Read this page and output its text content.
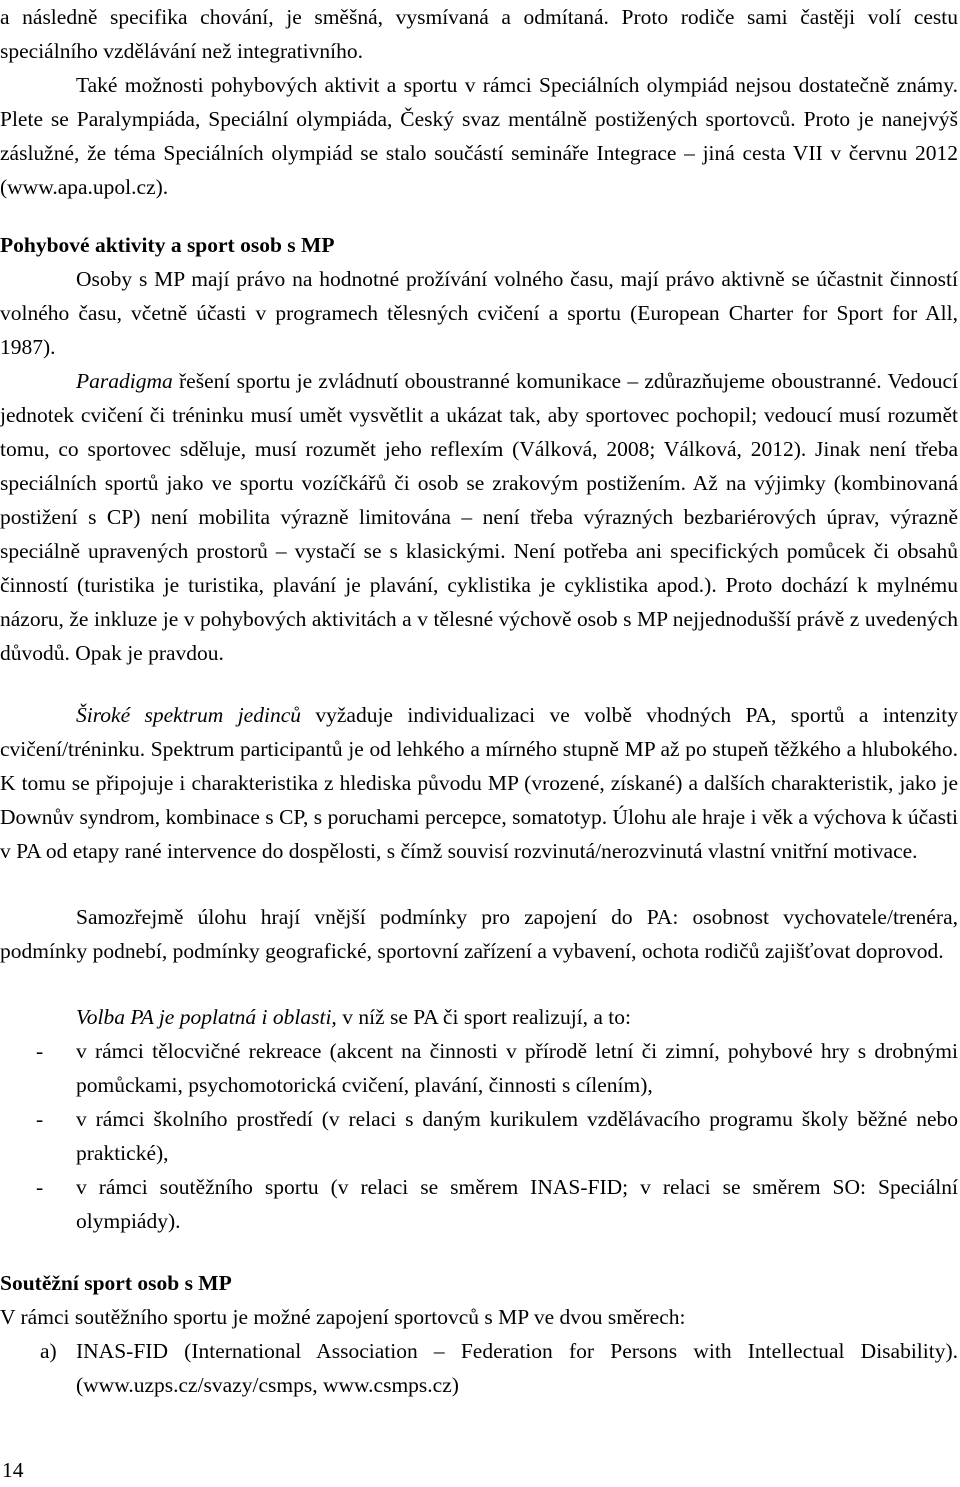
a následně specifika chování, je směšná, vysmívaná a odmítaná. Proto rodiče sami častěji volí cestu speciálního vzdělávání než integrativního.
Také možnosti pohybových aktivit a sportu v rámci Speciálních olympiád nejsou dostatečně známy. Plete se Paralympiáda, Speciální olympiáda, Český svaz mentálně postižených sportovců. Proto je nanejvýš záslužné, že téma Speciálních olympiád se stalo součástí semináře Integrace – jiná cesta VII v červnu 2012 (www.apa.upol.cz).
Pohybové aktivity a sport osob s MP
Osoby s MP mají právo na hodnotné prožívání volného času, mají právo aktivně se účastnit činností volného času, včetně účasti v programech tělesných cvičení a sportu (European Charter for Sport for All, 1987).
Paradigma řešení sportu je zvládnutí oboustranné komunikace – zdůrazňujeme oboustranné. Vedoucí jednotek cvičení či tréninku musí umět vysvětlit a ukázat tak, aby sportovec pochopil; vedoucí musí rozumět tomu, co sportovec sděluje, musí rozumět jeho reflexím (Válková, 2008; Válková, 2012). Jinak není třeba speciálních sportů jako ve sportu vozíčkářů či osob se zrakovým postižením. Až na výjimky (kombinovaná postižení s CP) není mobilita výrazně limitována – není třeba výrazných bezbariérových úprav, výrazně speciálně upravených prostorů – vystačí se s klasickými. Není potřeba ani specifických pomůcek či obsahů činností (turistika je turistika, plavání je plavání, cyklistika je cyklistika apod.). Proto dochází k mylnému názoru, že inkluze je v pohybových aktivitách a v tělesné výchově osob s MP nejjednodušší právě z uvedených důvodů. Opak je pravdou.
Široké spektrum jedinců vyžaduje individualizaci ve volbě vhodných PA, sportů a intenzity cvičení/tréninku. Spektrum participantů je od lehkého a mírného stupně MP až po stupeň těžkého a hlubokého. K tomu se připojuje i charakteristika z hlediska původu MP (vrozené, získané) a dalších charakteristik, jako je Downův syndrom, kombinace s CP, s poruchami percepce, somatotyp. Úlohu ale hraje i věk a výchova k účasti v PA od etapy rané intervence do dospělosti, s čímž souvisí rozvinutá/nerozvinutá vlastní vnitřní motivace.
Samozřejmě úlohu hrají vnější podmínky pro zapojení do PA: osobnost vychovatele/trenéra, podmínky podnebí, podmínky geografické, sportovní zařízení a vybavení, ochota rodičů zajišťovat doprovod.
Volba PA je poplatná i oblasti, v níž se PA či sport realizují, a to:
- v rámci tělocvičné rekreace (akcent na činnosti v přírodě letní či zimní, pohybové hry s drobnými pomůckami, psychomotorická cvičení, plavání, činnosti s cílením),
- v rámci školního prostředí (v relaci s daným kurikulem vzdělávacího programu školy běžné nebo praktické),
- v rámci soutěžního sportu (v relaci se směrem INAS-FID; v relaci se směrem SO: Speciální olympiády).
Soutěžní sport osob s MP
V rámci soutěžního sportu je možné zapojení sportovců s MP ve dvou směrech:
a) INAS-FID (International Association – Federation for Persons with Intellectual Disability). (www.uzps.cz/svazy/csmps, www.csmps.cz)
14
